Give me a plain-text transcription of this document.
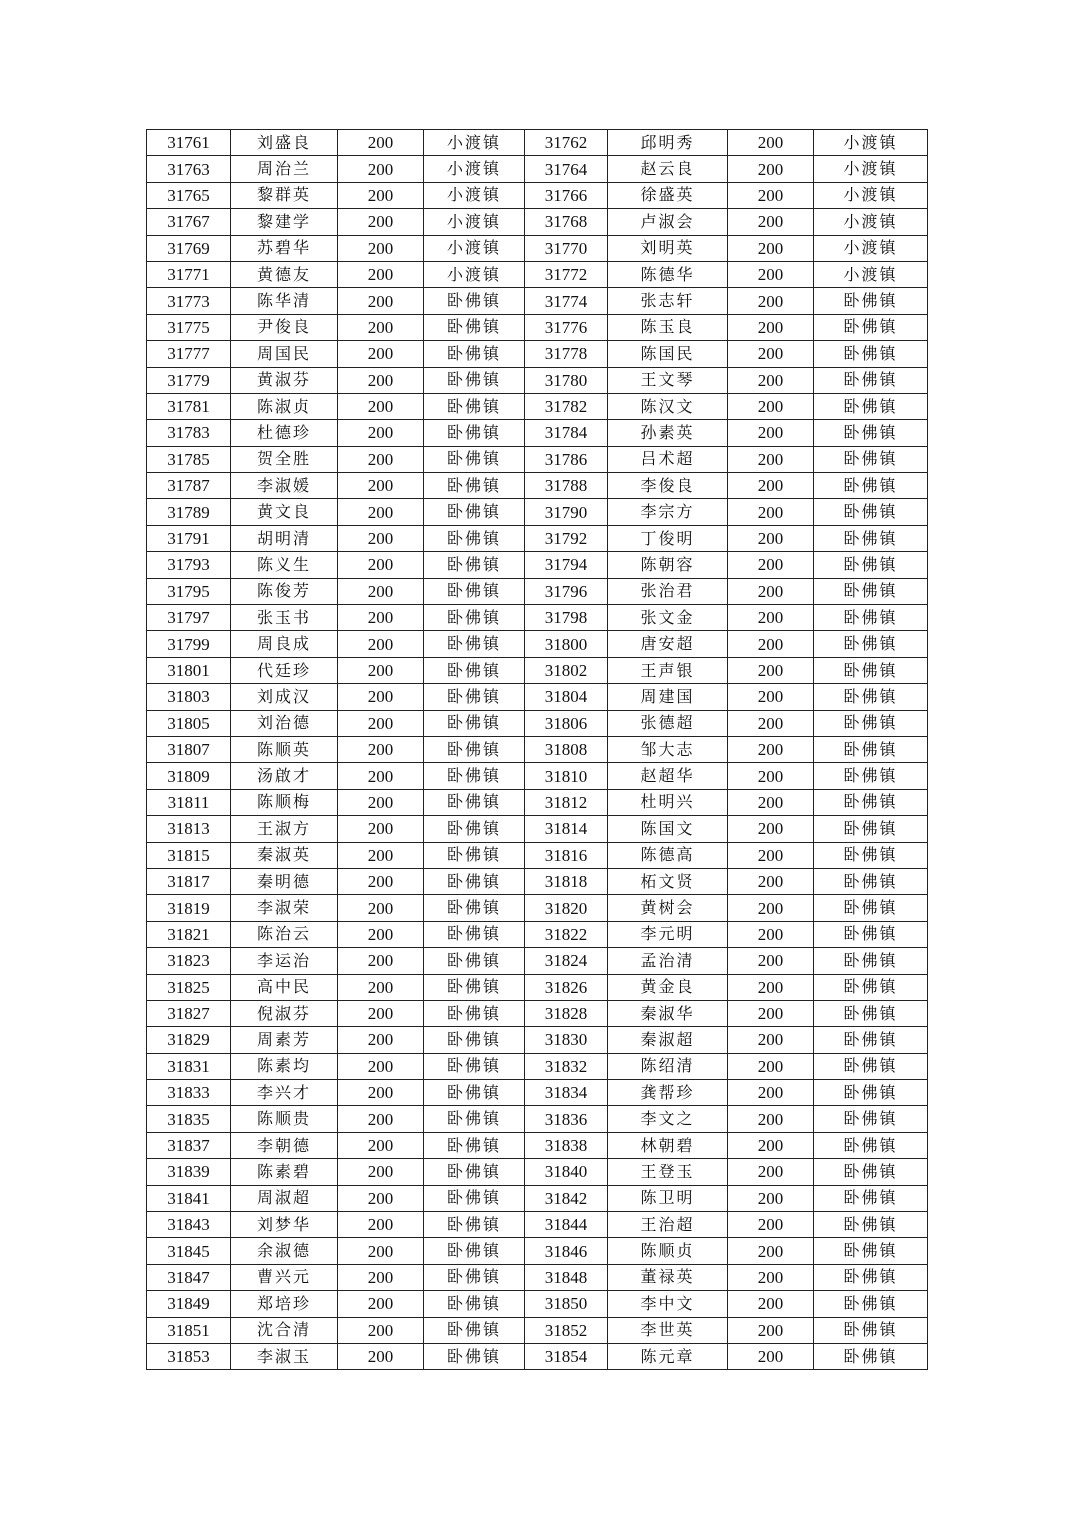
31761	刘盛良	200	小渡镇	31762	邱明秀	200	小渡镇
31763	周治兰	200	小渡镇	31764	赵云良	200	小渡镇
31765	黎群英	200	小渡镇	31766	徐盛英	200	小渡镇
31767	黎建学	200	小渡镇	31768	卢淑会	200	小渡镇
31769	苏碧华	200	小渡镇	31770	刘明英	200	小渡镇
31771	黄德友	200	小渡镇	31772	陈德华	200	小渡镇
31773	陈华清	200	卧佛镇	31774	张志轩	200	卧佛镇
31775	尹俊良	200	卧佛镇	31776	陈玉良	200	卧佛镇
31777	周国民	200	卧佛镇	31778	陈国民	200	卧佛镇
31779	黄淑芬	200	卧佛镇	31780	王文琴	200	卧佛镇
31781	陈淑贞	200	卧佛镇	31782	陈汉文	200	卧佛镇
31783	杜德珍	200	卧佛镇	31784	孙素英	200	卧佛镇
31785	贺全胜	200	卧佛镇	31786	吕术超	200	卧佛镇
31787	李淑媛	200	卧佛镇	31788	李俊良	200	卧佛镇
31789	黄文良	200	卧佛镇	31790	李宗方	200	卧佛镇
31791	胡明清	200	卧佛镇	31792	丁俊明	200	卧佛镇
31793	陈义生	200	卧佛镇	31794	陈朝容	200	卧佛镇
31795	陈俊芳	200	卧佛镇	31796	张治君	200	卧佛镇
31797	张玉书	200	卧佛镇	31798	张文金	200	卧佛镇
31799	周良成	200	卧佛镇	31800	唐安超	200	卧佛镇
31801	代廷珍	200	卧佛镇	31802	王声银	200	卧佛镇
31803	刘成汉	200	卧佛镇	31804	周建国	200	卧佛镇
31805	刘治德	200	卧佛镇	31806	张德超	200	卧佛镇
31807	陈顺英	200	卧佛镇	31808	邹大志	200	卧佛镇
31809	汤啟才	200	卧佛镇	31810	赵超华	200	卧佛镇
31811	陈顺梅	200	卧佛镇	31812	杜明兴	200	卧佛镇
31813	王淑方	200	卧佛镇	31814	陈国文	200	卧佛镇
31815	秦淑英	200	卧佛镇	31816	陈德高	200	卧佛镇
31817	秦明德	200	卧佛镇	31818	柘文贤	200	卧佛镇
31819	李淑荣	200	卧佛镇	31820	黄树会	200	卧佛镇
31821	陈治云	200	卧佛镇	31822	李元明	200	卧佛镇
31823	李运治	200	卧佛镇	31824	孟治清	200	卧佛镇
31825	高中民	200	卧佛镇	31826	黄金良	200	卧佛镇
31827	倪淑芬	200	卧佛镇	31828	秦淑华	200	卧佛镇
31829	周素芳	200	卧佛镇	31830	秦淑超	200	卧佛镇
31831	陈素均	200	卧佛镇	31832	陈绍清	200	卧佛镇
31833	李兴才	200	卧佛镇	31834	龚帮珍	200	卧佛镇
31835	陈顺贵	200	卧佛镇	31836	李文之	200	卧佛镇
31837	李朝德	200	卧佛镇	31838	林朝碧	200	卧佛镇
31839	陈素碧	200	卧佛镇	31840	王登玉	200	卧佛镇
31841	周淑超	200	卧佛镇	31842	陈卫明	200	卧佛镇
31843	刘梦华	200	卧佛镇	31844	王治超	200	卧佛镇
31845	余淑德	200	卧佛镇	31846	陈顺贞	200	卧佛镇
31847	曹兴元	200	卧佛镇	31848	董禄英	200	卧佛镇
31849	郑培珍	200	卧佛镇	31850	李中文	200	卧佛镇
31851	沈合清	200	卧佛镇	31852	李世英	200	卧佛镇
31853	李淑玉	200	卧佛镇	31854	陈元章	200	卧佛镇
